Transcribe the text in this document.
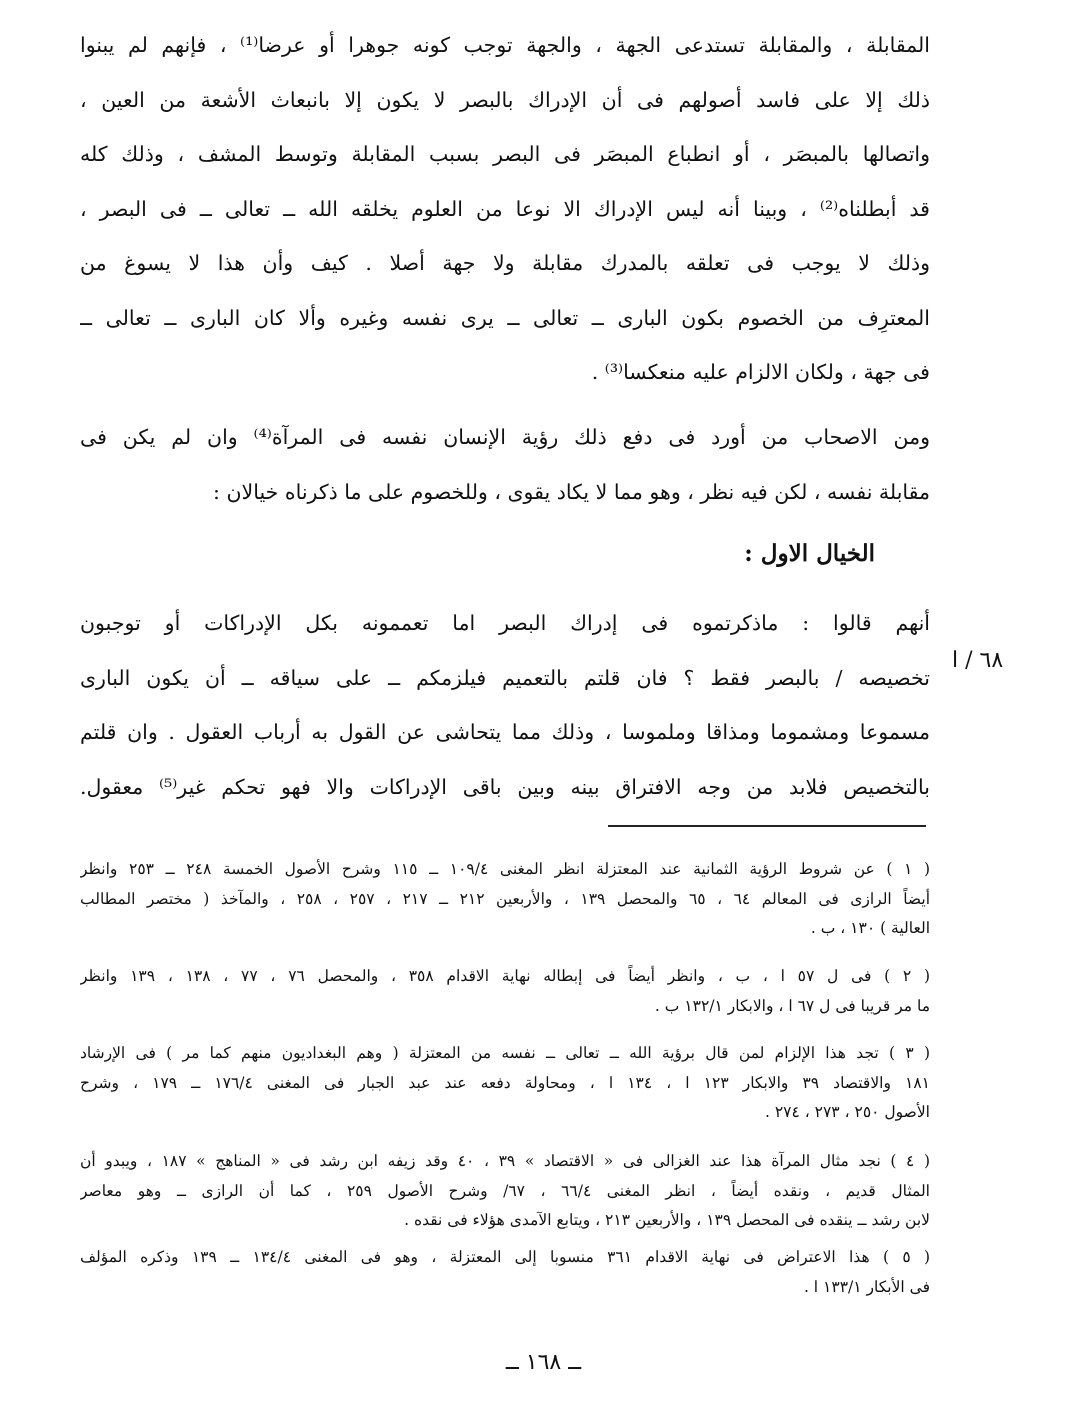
المقابلة ، والمقابلة تستدعى الجهة ، والجهة توجب كونه جوهرا أو عرضا⁽¹⁾ ، فإنهم لم يبنوا
ذلك إلا على فاسد أصولهم فى أن الإدراك بالبصر لا يكون إلا بانبعاث الأشعة من العين ،
واتصالها بالمبصَر ، أو انطباع المبصَر فى البصر بسبب المقابلة وتوسط المشف ، وذلك كله
قد أبطلناه⁽²⁾ ، وبينا أنه ليس الإدراك الا نوعا من العلوم يخلقه الله ــ تعالى ــ فى البصر ،
وذلك لا يوجب فى تعلقه بالمدرك مقابلة ولا جهة أصلا . كيف وأن هذا لا يسوغ من
المعترِف من الخصوم بكون البارى ــ تعالى ــ يرى نفسه وغيره وألا كان البارى ــ تعالى ــ
فى جهة ، ولكان الالزام عليه منعكسا⁽³⁾ .
ومن الاصحاب من أورد فى دفع ذلك رؤية الإنسان نفسه فى المرآة⁽⁴⁾ وان لم يكن فى
مقابلة نفسه ، لكن فيه نظر ، وهو مما لا يكاد يقوى ، وللخصوم على ما ذكرناه خيالان :
الخيال الاول :
٦٨ / ا
أنهم قالوا : ماذكرتموه فى إدراك البصر اما تعممونه بكل الإدراكات أو توجبون
تخصيصه / بالبصر فقط ؟ فان قلتم بالتعميم فيلزمكم ــ على سياقه ــ أن يكون البارى
مسموعا ومشموما ومذاقا وملموسا ، وذلك مما يتحاشى عن القول به أرباب العقول . وان قلتم
بالتخصيص فلابد من وجه الافتراق بينه وبين باقى الإدراكات والا فهو تحكم غير⁽⁵⁾ معقول.
( ١ ) عن شروط الرؤية الثمانية عند المعتزلة انظر المغنى ١٠٩/٤ ــ ١١٥ وشرح الأصول الخمسة ٢٤٨ ــ ٢٥٣ وانظر
أيضاً الرازى فى المعالم ٦٤ ، ٦٥ والمحصل ١٣٩ ، والأربعين ٢١٢ ــ ٢١٧ ، ٢٥٧ ، ٢٥٨ ، والمآخذ ( مختصر المطالب
العالية ) ١٣٠ ، ب .
( ٢ ) فى ل ٥٧ ا ، ب ، وانظر أيضاً فى إبطاله نهاية الاقدام ٣٥٨ ، والمحصل ٧٦ ، ٧٧ ، ١٣٨ ، ١٣٩ وانظر
ما مر قريبا فى ل ٦٧ ا ، والابكار ١٣٢/١ ب .
( ٣ ) تجد هذا الإلزام لمن قال برؤية الله ــ تعالى ــ نفسه من المعتزلة ( وهم البغداديون منهم كما مر ) فى الإرشاد
١٨١ والاقتصاد ٣٩ والابكار ١٢٣ ا ، ١٣٤ ا ، ومحاولة دفعه عند عبد الجبار فى المغنى ١٧٦/٤ ــ ١٧٩ ، وشرح
الأصول ٢٥٠ ، ٢٧٣ ، ٢٧٤ .
( ٤ ) نجد مثال المرآة هذا عند الغزالى فى « الاقتصاد » ٣٩ ، ٤٠ وقد زيفه ابن رشد فى « المناهج » ١٨٧ ، ويبدو أن
المثال قديم ، ونقده أيضاً ، انظر المغنى ٦٦/٤ ، ٦٧/ وشرح الأصول ٢٥٩ ، كما أن الرازى ــ وهو معاصر
لابن رشد ــ ينقده فى المحصل ١٣٩ ، والأربعين ٢١٣ ، ويتابع الآمدى هؤلاء فى نقده .
( ٥ ) هذا الاعتراض فى نهاية الاقدام ٣٦١ منسوبا إلى المعتزلة ، وهو فى المغنى ١٣٤/٤ ــ ١٣٩ وذكره المؤلف
فى الأبكار ١٣٣/١ ا .
ــ ١٦٨ ــ
